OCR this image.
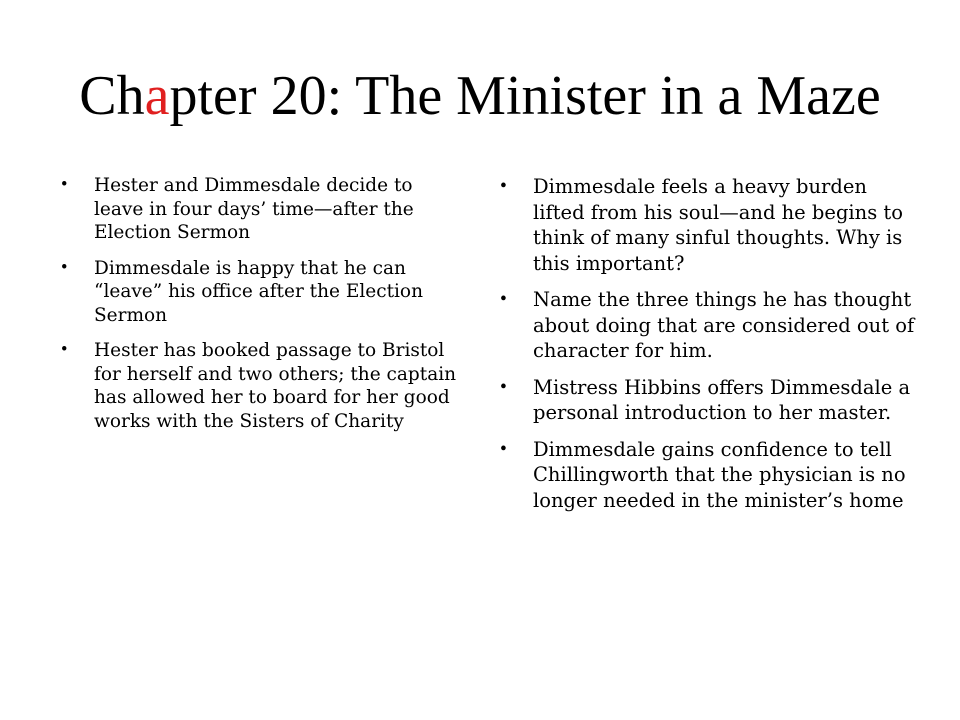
Chapter 20: The Minister in a Maze
• Hester and Dimmesdale decide to leave in four days’ time—after the Election Sermon
• Dimmesdale is happy that he can “leave” his office after the Election Sermon
• Hester has booked passage to Bristol for herself and two others; the captain has allowed her to board for her good works with the Sisters of Charity
• Dimmesdale feels a heavy burden lifted from his soul—and he begins to think of many sinful thoughts. Why is this important?
• Name the three things he has thought about doing that are considered out of character for him.
• Mistress Hibbins offers Dimmesdale a personal introduction to her master.
• Dimmesdale gains confidence to tell Chillingworth that the physician is no longer needed in the minister’s home
